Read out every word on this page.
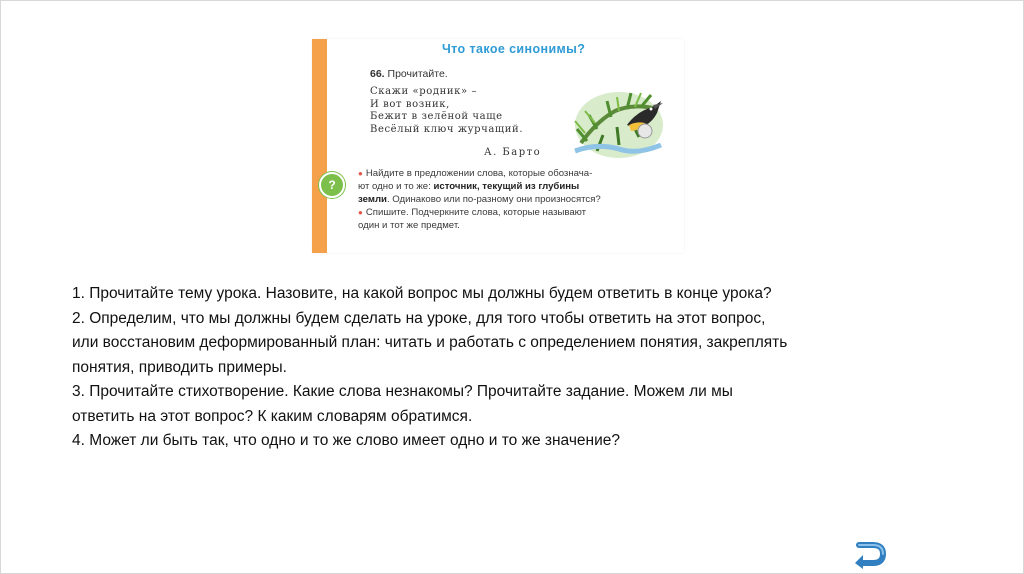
Что такое синонимы?
66. Прочитайте.
Скажи «родник» –
И вот возник,
Бежит в зелёной чаще
Весёлый ключ журчащий.
А. Барто
?
● Найдите в предложении слова, которые обознача-
ют одно и то же: источник, текущий из глубины
земли. Одинаково или по-разному они произносятся?
● Спишите. Подчеркните слова, которые называют
один и тот же предмет.
1. Прочитайте тему урока. Назовите, на какой вопрос мы должны будем ответить в конце урока?
2. Определим, что мы должны будем сделать на уроке, для того чтобы ответить на этот вопрос,
или восстановим деформированный план: читать и работать с определением понятия, закреплять
понятия, приводить примеры.
3. Прочитайте стихотворение. Какие слова незнакомы? Прочитайте задание. Можем ли мы
ответить на этот вопрос? К каким словарям обратимся.
4. Может ли быть так, что одно и то же слово имеет одно и то же значение?
